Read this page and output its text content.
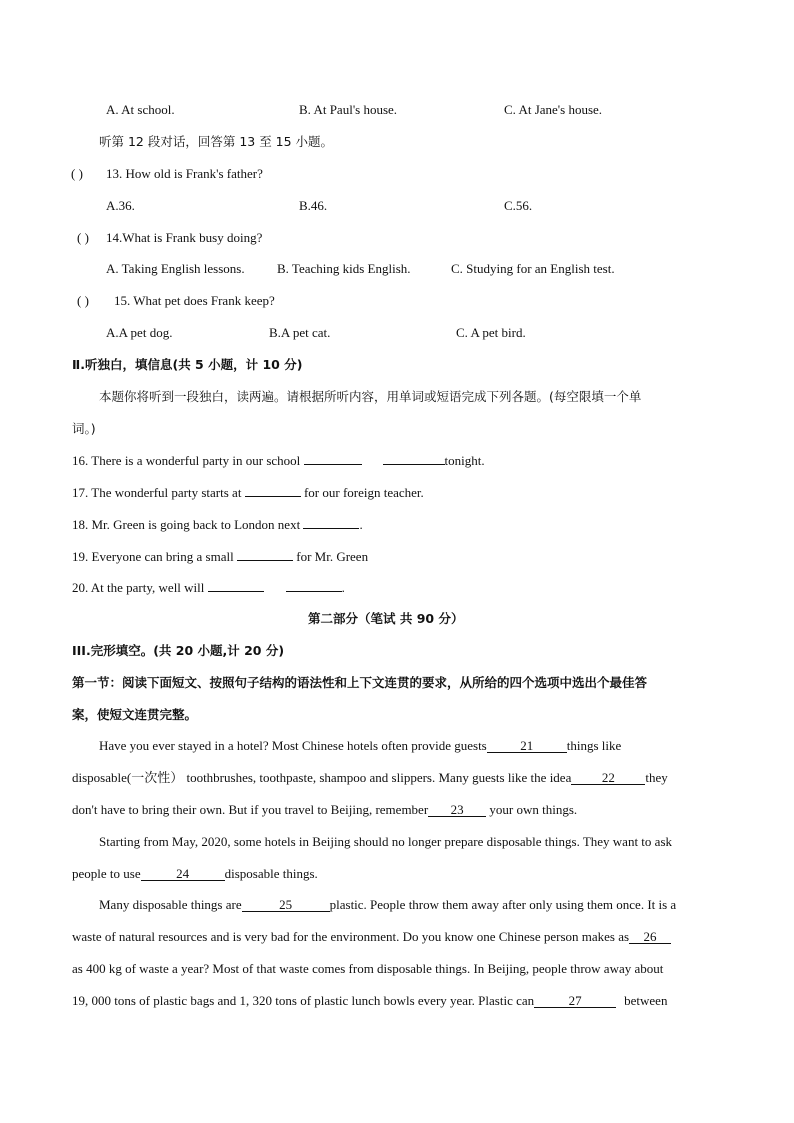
A. At school.	B. At Paul's house.	C. At Jane's house.
听第 12 段对话，回答第 13 至 15 小题。
( ) 13. How old is Frank's father?
A.36.	B.46.	C.56.
( ) 14.What is Frank busy doing?
A. Taking English lessons. B. Teaching kids English.	C. Studying for an English test.
( ) 15. What pet does Frank keep?
A.A pet dog.	B.A pet cat.	C. A pet bird.
Ⅱ.听独白，填信息(共 5 小题，计 10 分)
本题你将听到一段独白，读两遍。请根据所听内容，用单词或短语完成下列各题。(每空限填一个单
词。)
16. There is a wonderful party in our school	tonight.
17. The wonderful party starts at	for our foreign teacher.
18. Mr. Green is going back to London next	.
19. Everyone can bring a small	for Mr. Green
20. At the party, well will	.
第二部分（笔试 共 90 分）
III.完形填空。(共 20 小题,计 20 分)
第一节：阅读下面短文、按照句子结构的语法性和上下文连贯的要求，从所给的四个选项中选出个最佳答
案，使短文连贯完整。
Have you ever stayed in a hotel? Most Chinese hotels often provide guests	21	things like
disposable(一次性） toothbrushes, toothpaste, shampoo and slippers. Many guests like the idea 22 they
don't have to bring their own. But if you travel to Beijing, remember 23 your own things.
Starting from May, 2020, some hotels in Beijing should no longer prepare disposable things. They want to ask
people to use	24	disposable things.
Many disposable things are	25	plastic. People throw them away after only using them once. It is a
waste of natural resources and is very bad for the environment. Do you know one Chinese person makes as 26
as 400 kg of waste a year? Most of that waste comes from disposable things. In Beijing, people throw away about
19, 000 tons of plastic bags and 1, 320 tons of plastic lunch bowls every year. Plastic can	27	between
